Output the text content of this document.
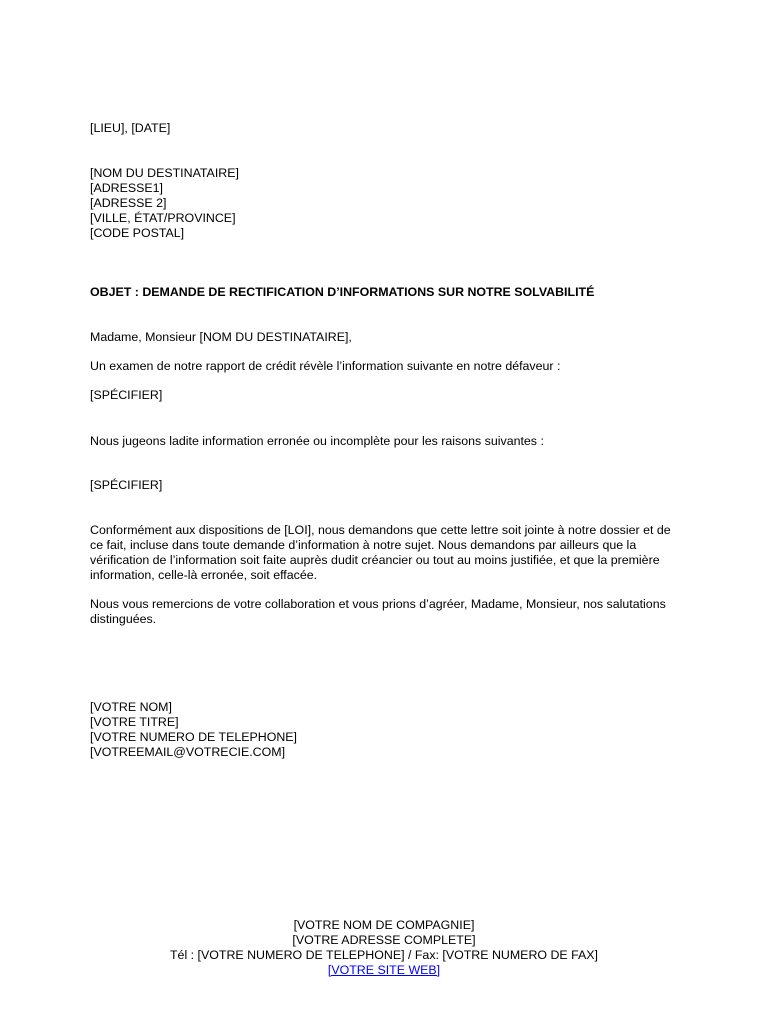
[LIEU], [DATE]
[NOM DU DESTINATAIRE]
[ADRESSE1]
[ADRESSE 2]
[VILLE, ÉTAT/PROVINCE]
[CODE POSTAL]
OBJET : DEMANDE DE RECTIFICATION D’INFORMATIONS SUR NOTRE SOLVABILITÉ
Madame, Monsieur [NOM DU DESTINATAIRE],
Un examen de notre rapport de crédit révèle l’information suivante en notre défaveur :
[SPÉCIFIER]
Nous jugeons ladite information erronée ou incomplète pour les raisons suivantes :
[SPÉCIFIER]
Conformément aux dispositions de [LOI], nous demandons que cette lettre soit jointe à notre dossier et de ce fait, incluse dans toute demande d’information à notre sujet. Nous demandons par ailleurs que la vérification de l’information soit faite auprès dudit créancier ou tout au moins justifiée, et que la première information, celle-là erronée, soit effacée.
Nous vous remercions de votre collaboration et vous prions d’agréer, Madame, Monsieur, nos salutations distinguées.
[VOTRE NOM]
[VOTRE TITRE]
[VOTRE NUMERO DE TELEPHONE]
[VOTREEMAIL@VOTRECIE.COM]
[VOTRE NOM DE COMPAGNIE]
[VOTRE ADRESSE COMPLETE]
Tél : [VOTRE NUMERO DE TELEPHONE] / Fax: [VOTRE NUMERO DE FAX]
[VOTRE SITE WEB]
